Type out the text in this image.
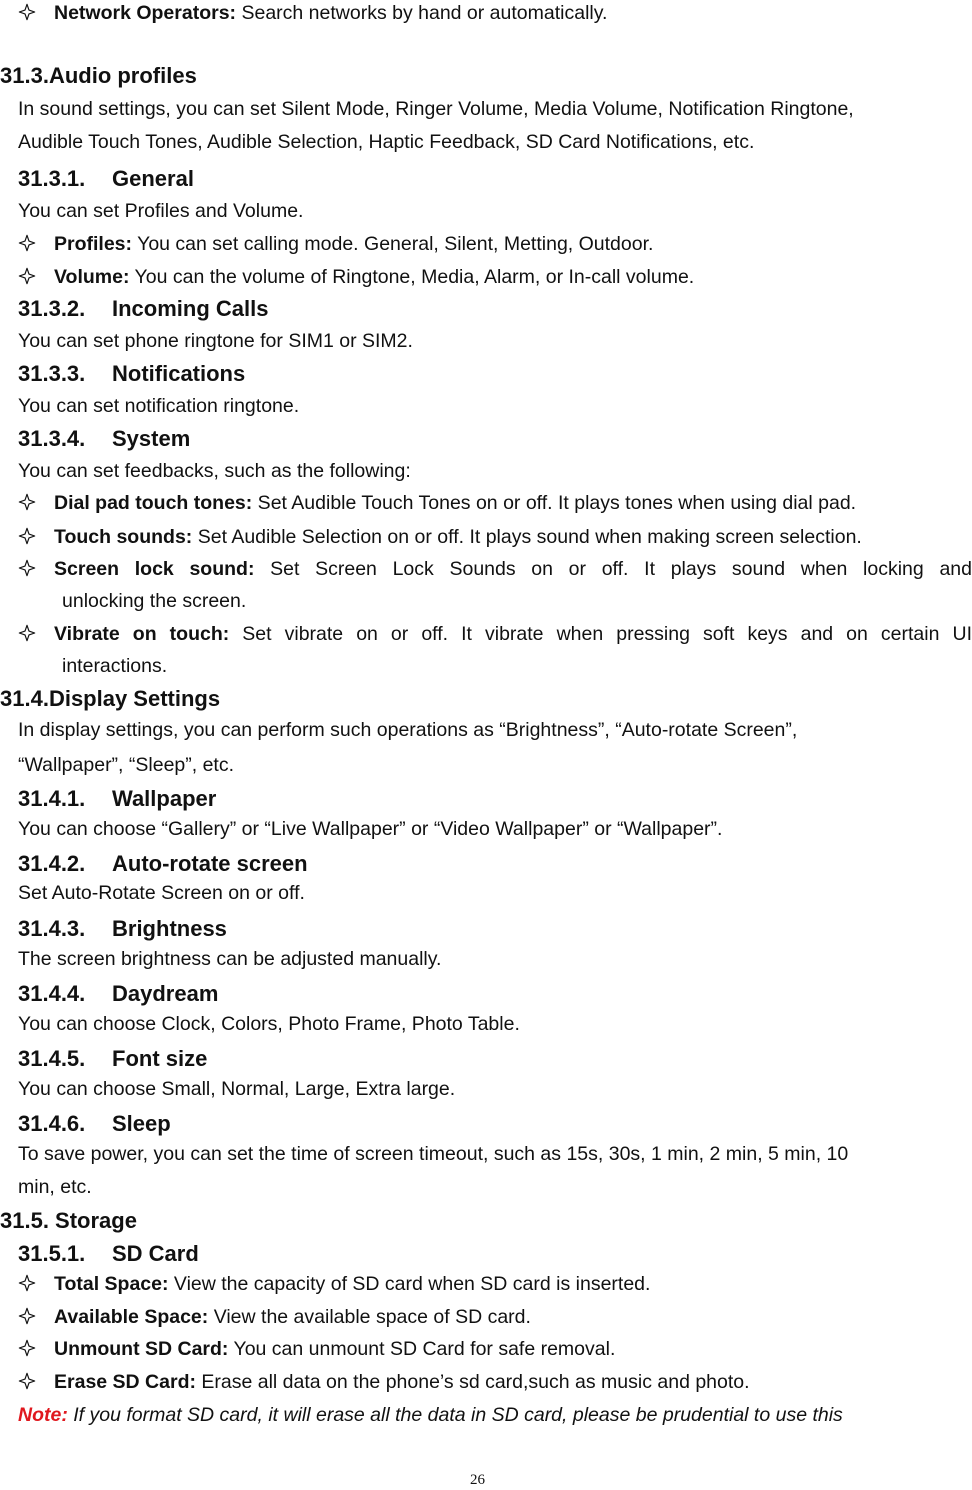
Network Operators: Search networks by hand or automatically.
31.3.Audio profiles
In sound settings, you can set Silent Mode, Ringer Volume, Media Volume, Notification Ringtone,
Audible Touch Tones, Audible Selection, Haptic Feedback, SD Card Notifications, etc.
31.3.1. General
You can set Profiles and Volume.
Profiles: You can set calling mode. General, Silent, Metting, Outdoor.
Volume: You can the volume of Ringtone, Media, Alarm, or In-call volume.
31.3.2. Incoming Calls
You can set phone ringtone for SIM1 or SIM2.
31.3.3. Notifications
You can set notification ringtone.
31.3.4. System
You can set feedbacks, such as the following:
Dial pad touch tones: Set Audible Touch Tones on or off. It plays tones when using dial pad.
Touch sounds: Set Audible Selection on or off. It plays sound when making screen selection.
Screen lock sound: Set Screen Lock Sounds on or off. It plays sound when locking and
unlocking the screen.
Vibrate on touch: Set vibrate on or off. It vibrate when pressing soft keys and on certain UI
interactions.
31.4.Display Settings
In display settings, you can perform such operations as “Brightness”, “Auto-rotate Screen”,
“Wallpaper”, “Sleep”, etc.
31.4.1. Wallpaper
You can choose “Gallery” or “Live Wallpaper” or “Video Wallpaper” or “Wallpaper”.
31.4.2. Auto-rotate screen
Set Auto-Rotate Screen on or off.
31.4.3. Brightness
The screen brightness can be adjusted manually.
31.4.4. Daydream
You can choose Clock, Colors, Photo Frame, Photo Table.
31.4.5. Font size
You can choose Small, Normal, Large, Extra large.
31.4.6. Sleep
To save power, you can set the time of screen timeout, such as 15s, 30s, 1 min, 2 min, 5 min, 10
min, etc.
31.5. Storage
31.5.1. SD Card
Total Space: View the capacity of SD card when SD card is inserted.
Available Space: View the available space of SD card.
Unmount SD Card: You can unmount SD Card for safe removal.
Erase SD Card: Erase all data on the phone’s sd card,such as music and photo.
Note: If you format SD card, it will erase all the data in SD card, please be prudential to use this
26
